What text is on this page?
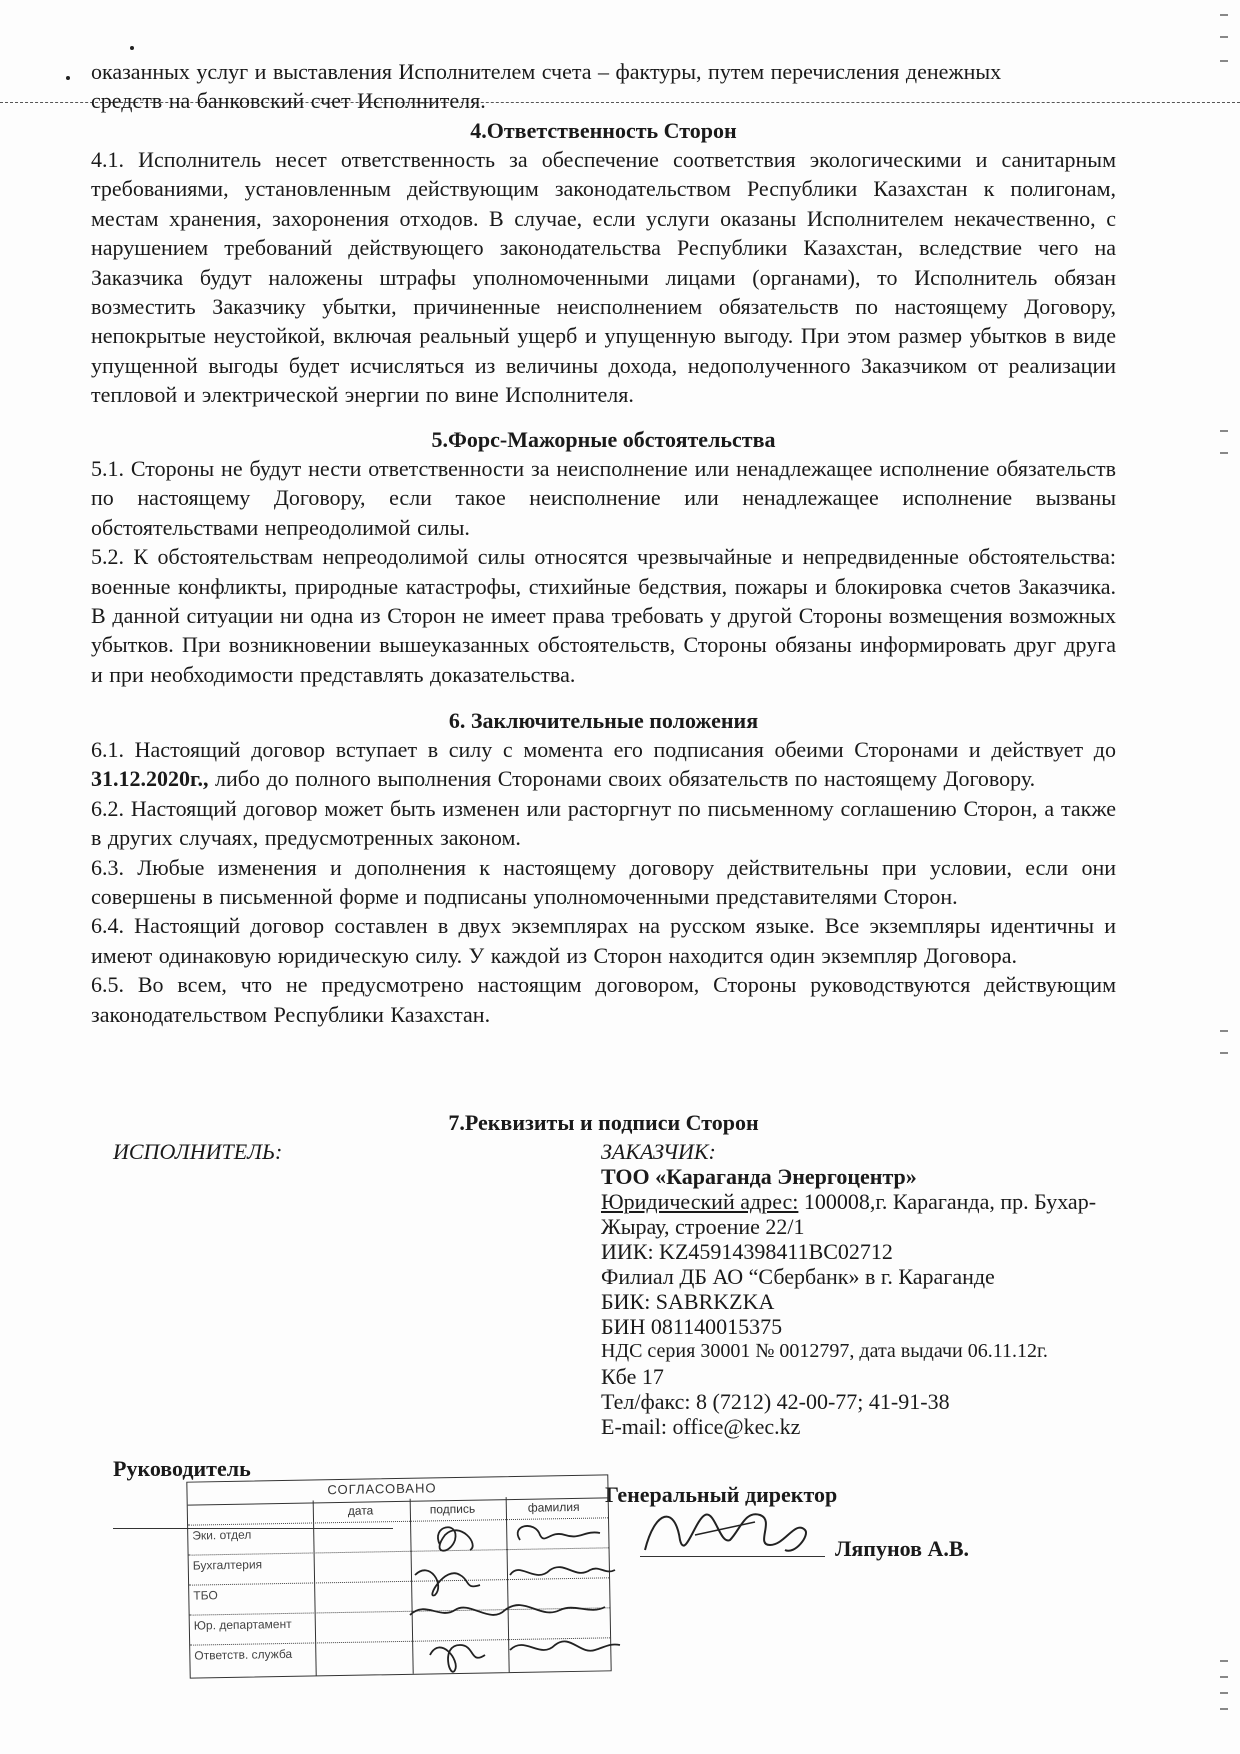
оказанных услуг и выставления Исполнителем счета – фактуры, путем перечисления денежных

средств на банковский счет Исполнителя.

4.Ответственность Сторон

4.1. Исполнитель несет ответственность за обеспечение соответствия экологическими и санитарным требованиями, установленным действующим законодательством Республики Казахстан к полигонам, местам хранения, захоронения отходов. В случае, если услуги оказаны Исполнителем некачественно, с нарушением требований действующего законодательства Республики Казахстан, вследствие чего на Заказчика будут наложены штрафы уполномоченными лицами (органами), то Исполнитель обязан возместить Заказчику убытки, причиненные неисполнением обязательств по настоящему Договору, непокрытые неустойкой, включая реальный ущерб и упущенную выгоду. При этом размер убытков в виде упущенной выгоды будет исчисляться из величины дохода, недополученного Заказчиком от реализации тепловой и электрической энергии по вине Исполнителя.

5.Форс-Мажорные обстоятельства

5.1. Стороны не будут нести ответственности за неисполнение или ненадлежащее исполнение обязательств по настоящему Договору, если такое неисполнение или ненадлежащее исполнение вызваны обстоятельствами непреодолимой силы.

5.2. К обстоятельствам непреодолимой силы относятся чрезвычайные и непредвиденные обстоятельства: военные конфликты, природные катастрофы, стихийные бедствия, пожары и блокировка счетов Заказчика. В данной ситуации ни одна из Сторон не имеет права требовать у другой Стороны возмещения возможных убытков. При возникновении вышеуказанных обстоятельств, Стороны обязаны информировать друг друга и при необходимости представлять доказательства.

6. Заключительные положения

6.1. Настоящий договор вступает в силу с момента его подписания обеими Сторонами и действует до 31.12.2020г., либо до полного выполнения Сторонами своих обязательств по настоящему Договору.

6.2. Настоящий договор может быть изменен или расторгнут по письменному соглашению Сторон, а также в других случаях, предусмотренных законом.

6.3. Любые изменения и дополнения к настоящему договору действительны при условии, если они совершены в письменной форме и подписаны уполномоченными представителями Сторон.

6.4. Настоящий договор составлен в двух экземплярах на русском языке. Все экземпляры идентичны и имеют одинаковую юридическую силу. У каждой из Сторон находится один экземпляр Договора.

6.5. Во всем, что не предусмотрено настоящим договором, Стороны руководствуются действующим законодательством Республики Казахстан.

7.Реквизиты и подписи Сторон

ИСПОЛНИТЕЛЬ:	ЗАКАЗЧИК:

ТОО «Караганда Энергоцентр»

Юридический адрес: 100008,г. Караганда, пр. Бухар-

Жырау, строение 22/1

ИИК: KZ45914398411BC02712

Филиал ДБ АО “Сбербанк» в г. Караганде

БИК: SABRKZKA

БИН 081140015375

НДС серия 30001 № 0012797, дата выдачи 06.11.12г.

Кбе 17

Тел/факс: 8 (7212) 42-00-77; 41-91-38

E-mail: office@kec.kz

Руководитель
Генеральный директор
Ляпунов А.В.
СОГЛАСОВАНО
дата	подпись	фамилия
Эки. отдел
Бухгалтерия
ТБО
Юр. департамент
Ответств. служба
